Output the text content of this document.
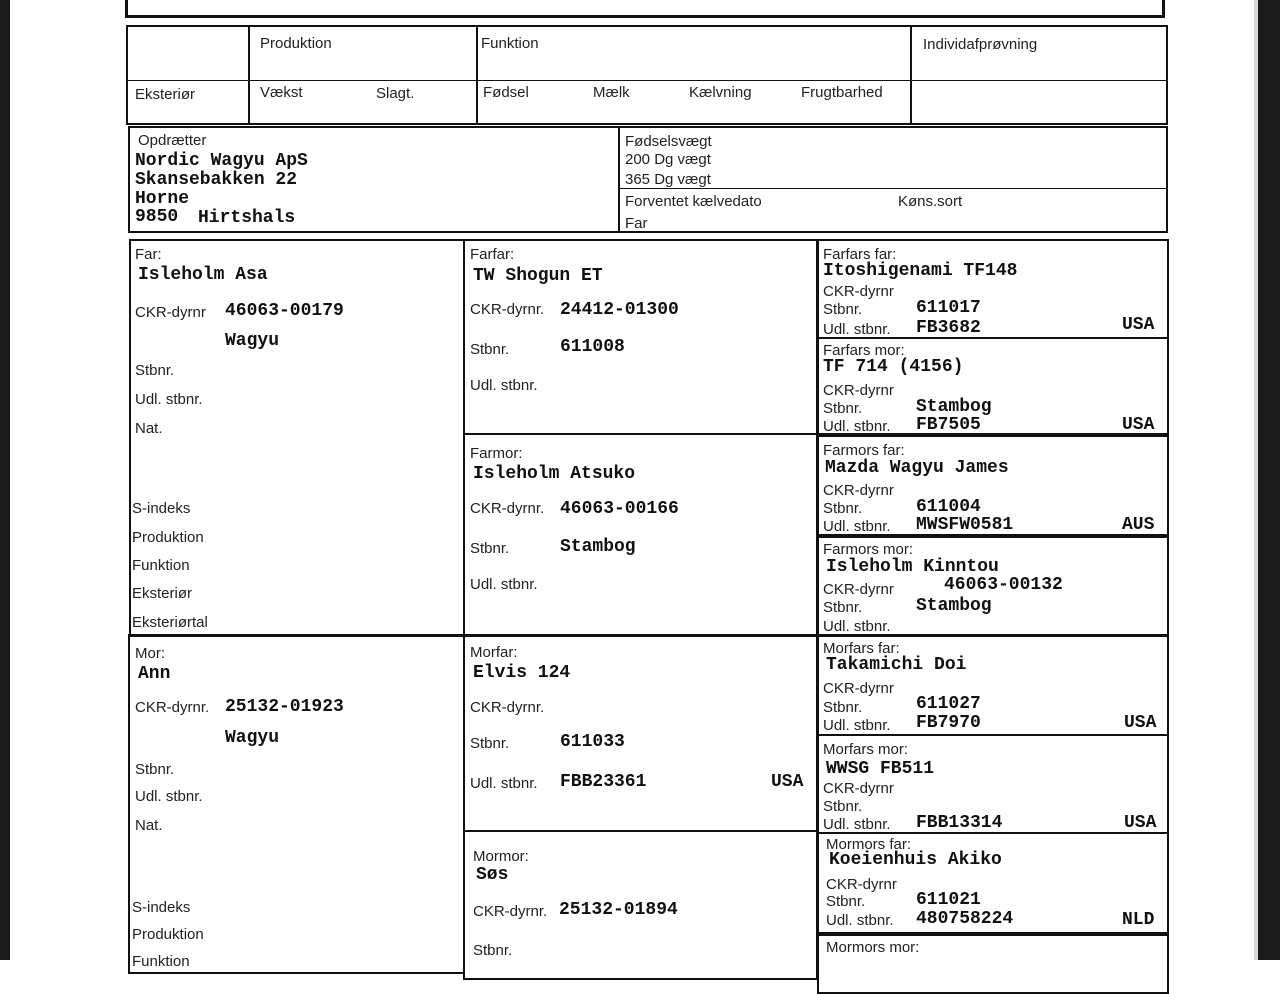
Produktion	Funktion	Individafprøvning
Eksteriør	Vækst	Slagt.	Fødsel	Mælk	Kælvning	Frugtbarhed
Opdrætter
Nordic Wagyu ApS
Skansebakken 22
Horne
9850 Hirtshals
Fødselsvægt
200 Dg vægt
365 Dg vægt
Forventet kælvedato	Køns.sort
Far
Far:
Isleholm Asa
CKR-dyrnr 46063-00179
Wagyu
Stbnr.
Udl. stbnr.
Nat.
S-indeks
Produktion
Funktion
Eksteriør
Eksteriørtal
Mor:
Ann
CKR-dyrnr. 25132-01923
Wagyu
Stbnr.
Udl. stbnr.
Nat.
S-indeks
Produktion
Funktion
Farfar:
TW Shogun ET
CKR-dyrnr. 24412-01300
Stbnr.	611008
Udl. stbnr.
Farmor:
Isleholm Atsuko
CKR-dyrnr. 46063-00166
Stbnr.	Stambog
Udl. stbnr.
Morfar:
Elvis 124
CKR-dyrnr.
Stbnr.	611033
Udl. stbnr. FBB23361	USA
Mormor:
Søs
CKR-dyrnr. 25132-01894
Stbnr.
Farfars far:
Itoshigenami TF148
CKR-dyrnr
Stbnr.	611017
Udl. stbnr. FB3682	USA
Farfars mor:
TF 714 (4156)
CKR-dyrnr
Stbnr.	Stambog
Udl. stbnr. FB7505	USA
Farmors far:
Mazda Wagyu James
CKR-dyrnr
Stbnr.	611004
Udl. stbnr. MWSFW0581	AUS
Farmors mor:
Isleholm Kinntou
CKR-dyrnr	46063-00132
Stbnr.	Stambog
Udl. stbnr.
Morfars far:
Takamichi Doi
CKR-dyrnr
Stbnr.	611027
Udl. stbnr. FB7970	USA
Morfars mor:
WWSG FB511
CKR-dyrnr
Stbnr.
Udl. stbnr. FBB13314	USA
Mormors far:
Koeienhuis Akiko
CKR-dyrnr
Stbnr.	611021
Udl. stbnr. 480758224	NLD
Mormors mor:
